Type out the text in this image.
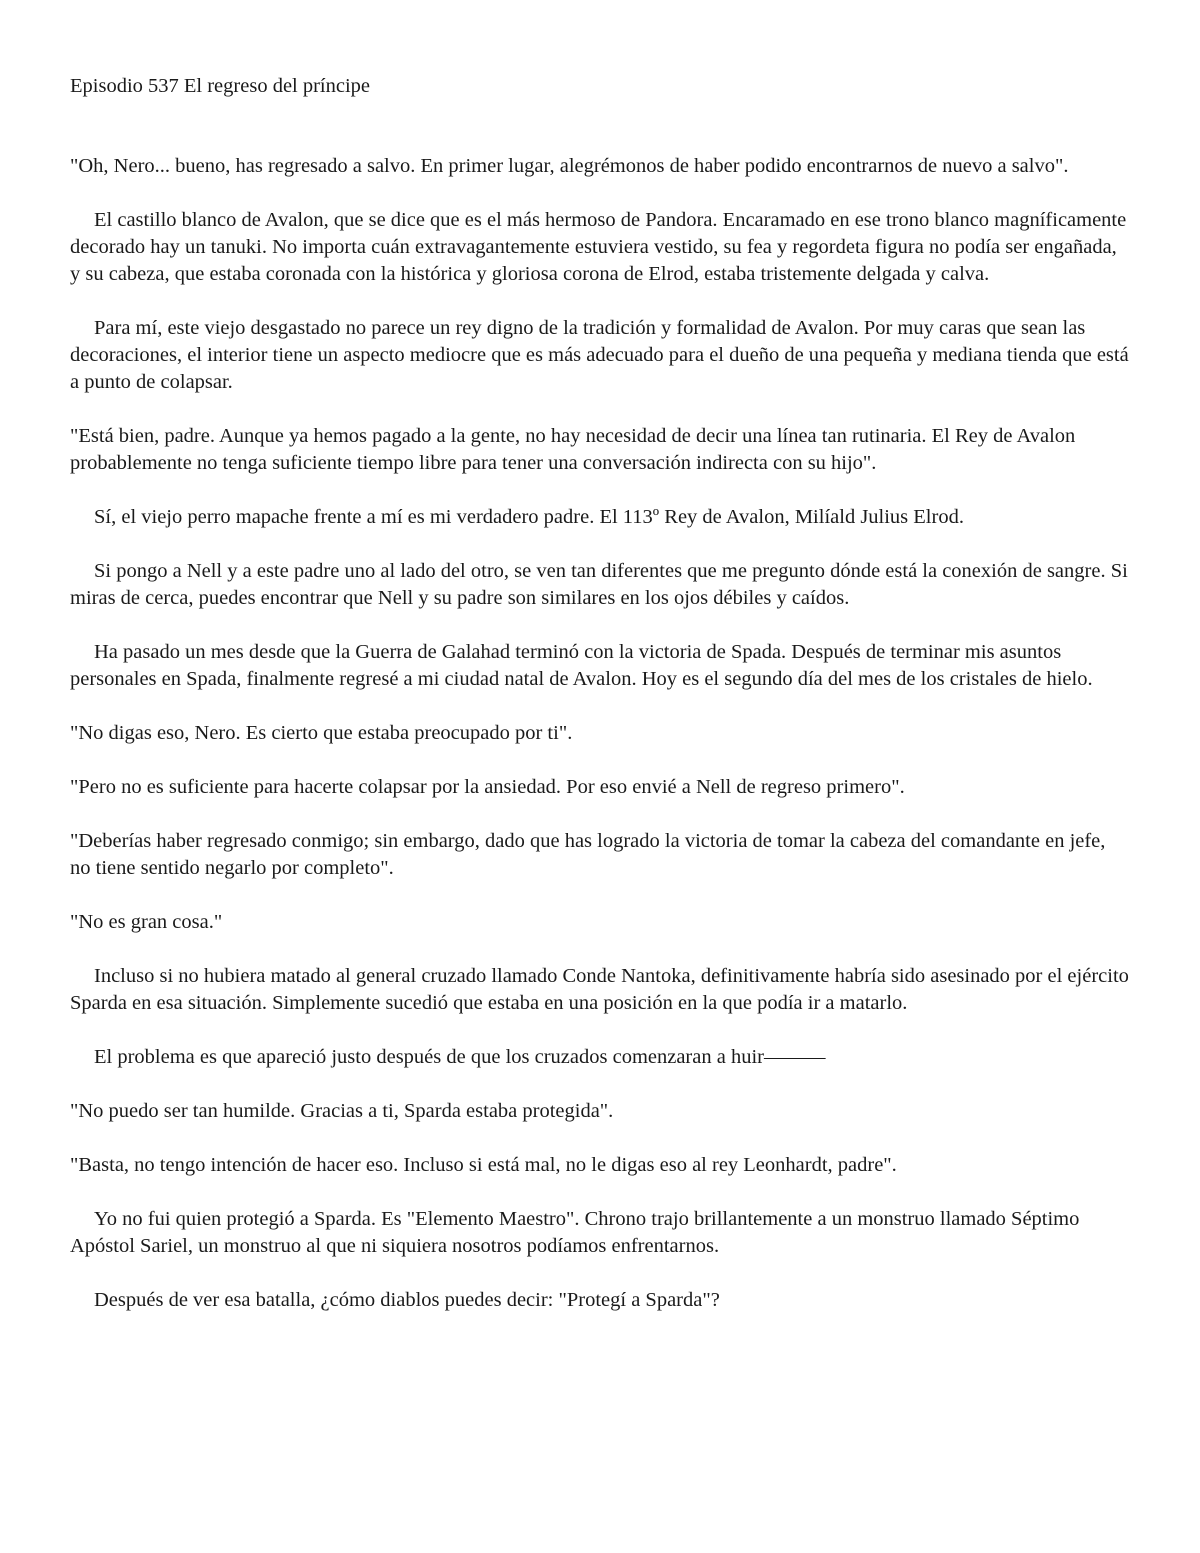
Episodio 537 El regreso del príncipe

"Oh, Nero... bueno, has regresado a salvo. En primer lugar, alegrémonos de haber podido encontrarnos de nuevo a salvo".

El castillo blanco de Avalon, que se dice que es el más hermoso de Pandora. Encaramado en ese trono blanco magníficamente decorado hay un tanuki. No importa cuán extravagantemente estuviera vestido, su fea y regordeta figura no podía ser engañada, y su cabeza, que estaba coronada con la histórica y gloriosa corona de Elrod, estaba tristemente delgada y calva.

Para mí, este viejo desgastado no parece un rey digno de la tradición y formalidad de Avalon. Por muy caras que sean las decoraciones, el interior tiene un aspecto mediocre que es más adecuado para el dueño de una pequeña y mediana tienda que está a punto de colapsar.

"Está bien, padre. Aunque ya hemos pagado a la gente, no hay necesidad de decir una línea tan rutinaria. El Rey de Avalon probablemente no tenga suficiente tiempo libre para tener una conversación indirecta con su hijo".

Sí, el viejo perro mapache frente a mí es mi verdadero padre. El 113º Rey de Avalon, Milíald Julius Elrod.

Si pongo a Nell y a este padre uno al lado del otro, se ven tan diferentes que me pregunto dónde está la conexión de sangre. Si miras de cerca, puedes encontrar que Nell y su padre son similares en los ojos débiles y caídos.

Ha pasado un mes desde que la Guerra de Galahad terminó con la victoria de Spada. Después de terminar mis asuntos personales en Spada, finalmente regresé a mi ciudad natal de Avalon. Hoy es el segundo día del mes de los cristales de hielo.

"No digas eso, Nero. Es cierto que estaba preocupado por ti".

"Pero no es suficiente para hacerte colapsar por la ansiedad. Por eso envié a Nell de regreso primero".

"Deberías haber regresado conmigo; sin embargo, dado que has logrado la victoria de tomar la cabeza del comandante en jefe, no tiene sentido negarlo por completo".

"No es gran cosa."

Incluso si no hubiera matado al general cruzado llamado Conde Nantoka, definitivamente habría sido asesinado por el ejército Sparda en esa situación. Simplemente sucedió que estaba en una posición en la que podía ir a matarlo.

El problema es que apareció justo después de que los cruzados comenzaran a huir———

"No puedo ser tan humilde. Gracias a ti, Sparda estaba protegida".

"Basta, no tengo intención de hacer eso. Incluso si está mal, no le digas eso al rey Leonhardt, padre".

Yo no fui quien protegió a Sparda. Es "Elemento Maestro". Chrono trajo brillantemente a un monstruo llamado Séptimo Apóstol Sariel, un monstruo al que ni siquiera nosotros podíamos enfrentarnos.

Después de ver esa batalla, ¿cómo diablos puedes decir: "Protegí a Sparda"?
